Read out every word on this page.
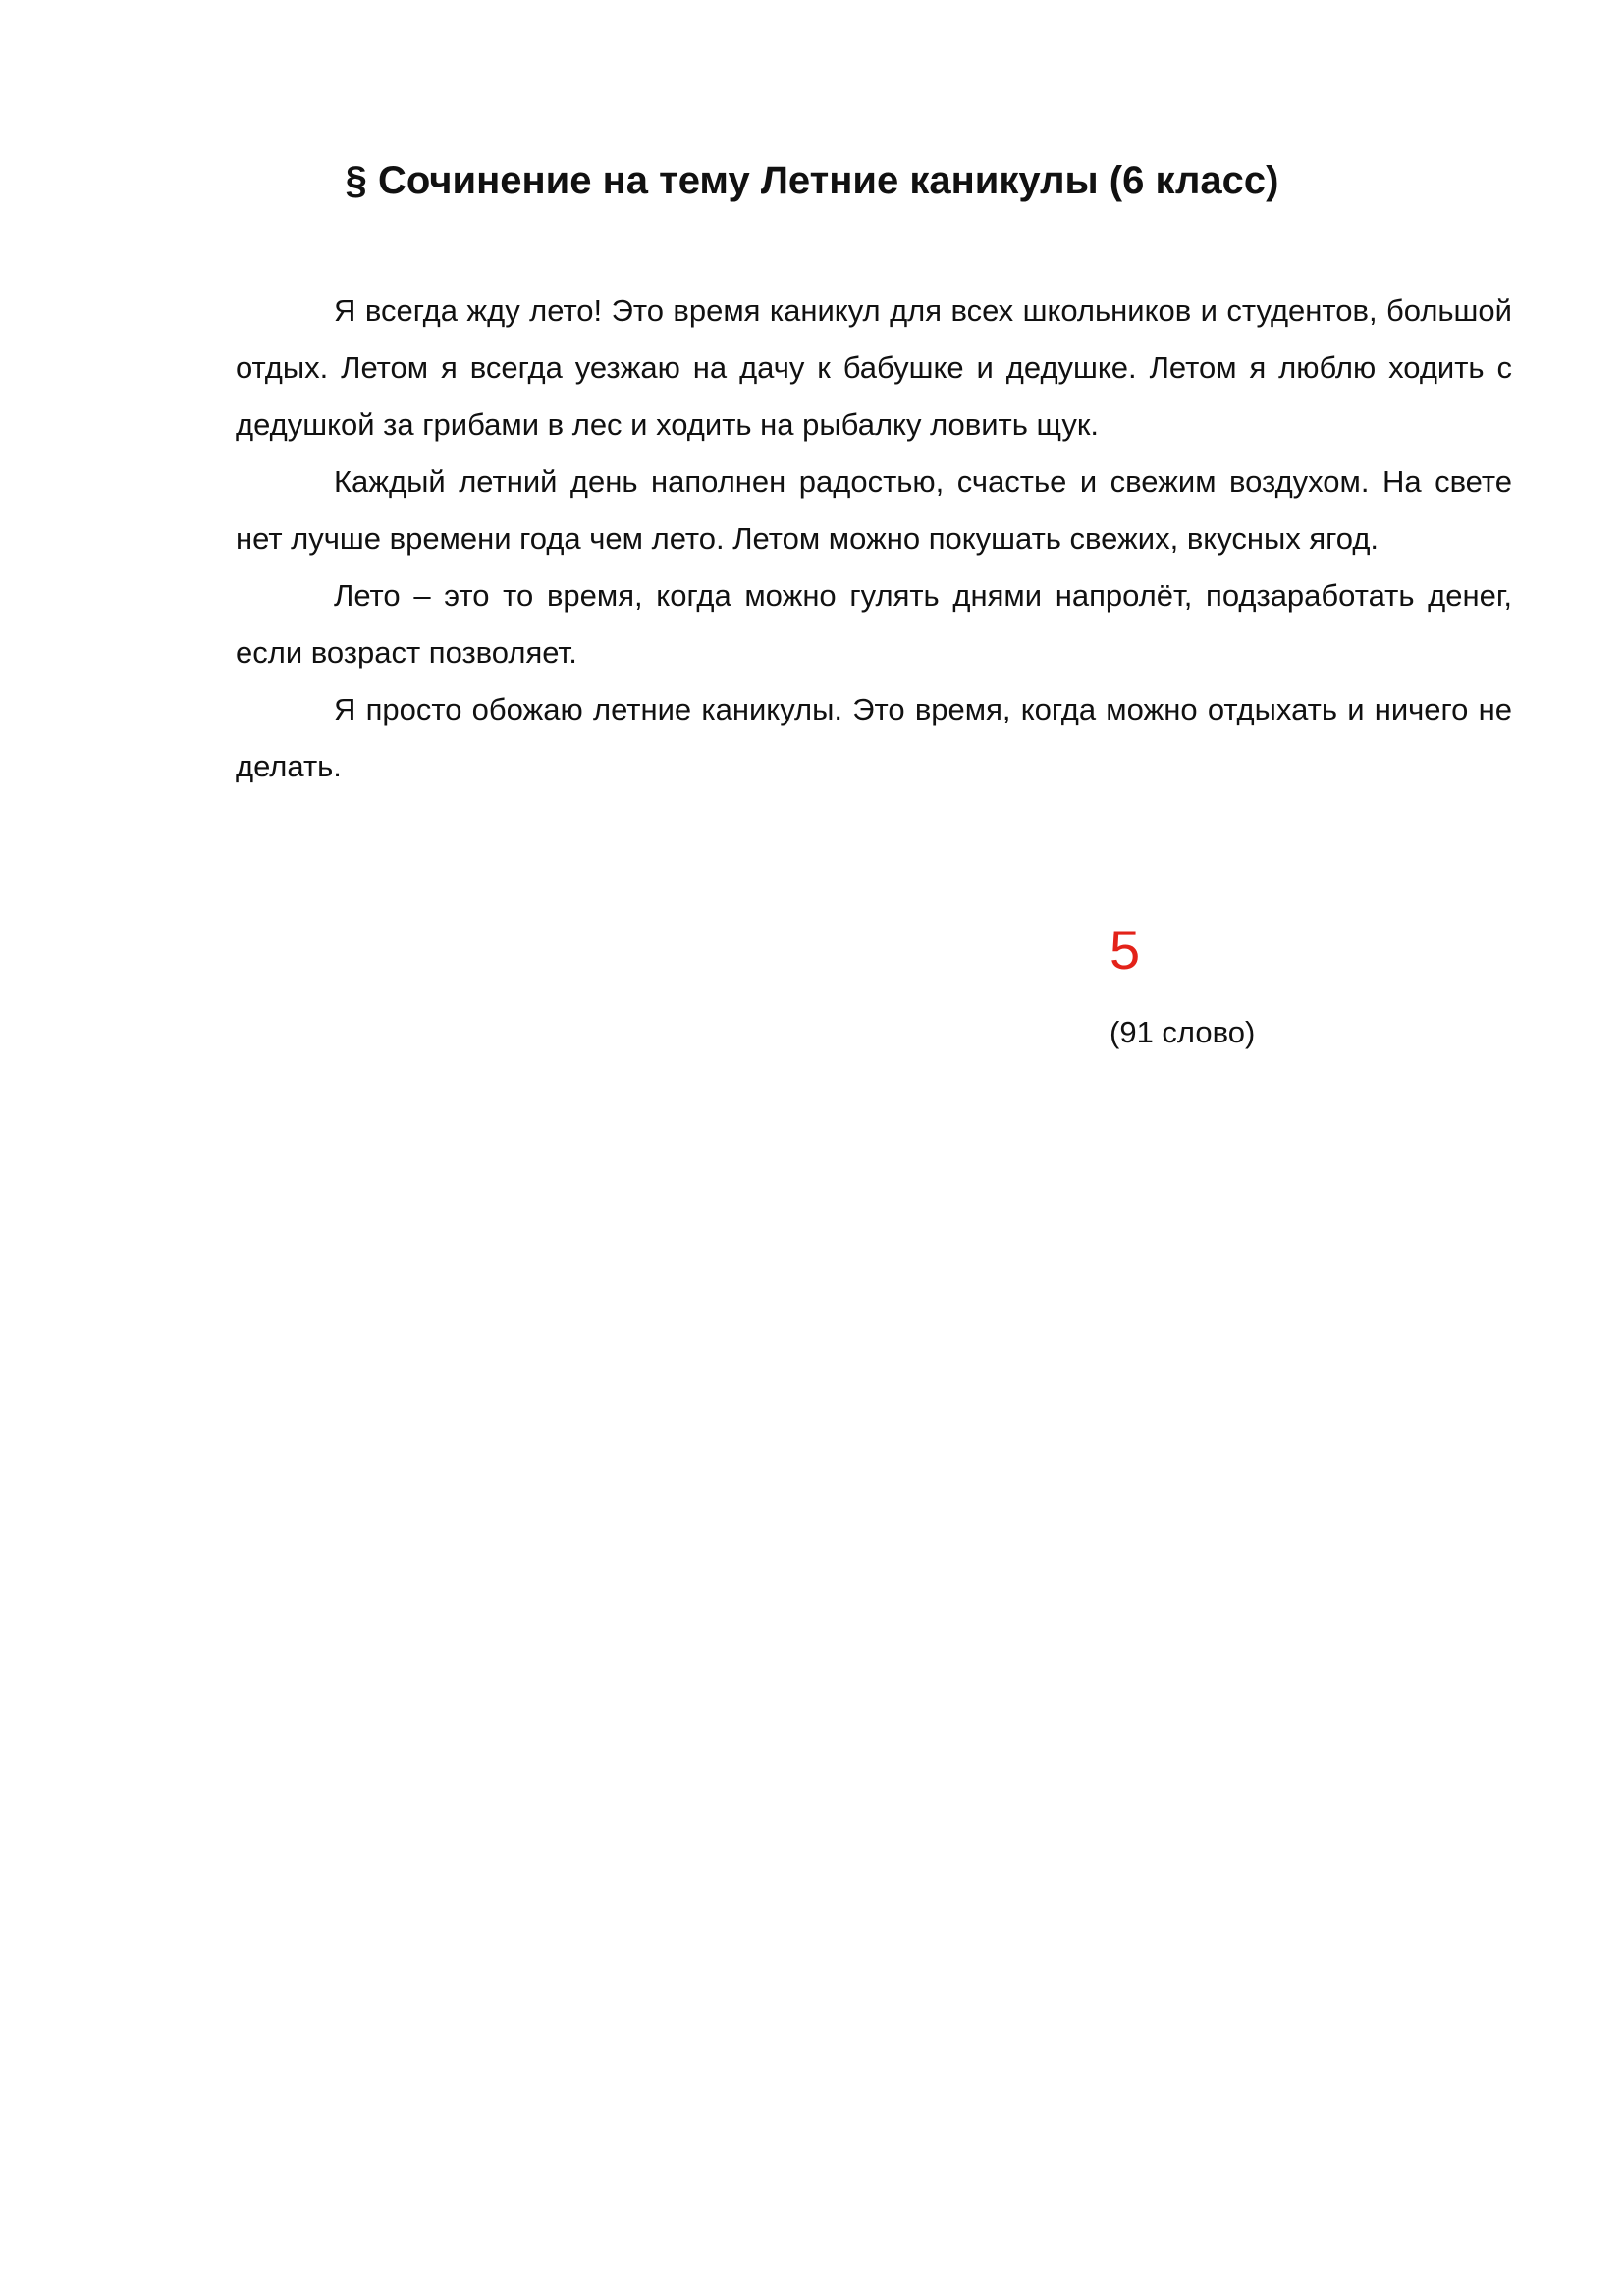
§ Сочинение на тему Летние каникулы (6 класс)

Я всегда жду лето! Это время каникул для всех школьников и студентов, большой отдых. Летом я всегда уезжаю на дачу к бабушке и дедушке. Летом я люблю ходить с дедушкой за грибами в лес и ходить на рыбалку ловить щук.

Каждый летний день наполнен радостью, счастье и свежим воздухом. На свете нет лучше времени года чем лето. Летом можно покушать свежих, вкусных ягод.

Лето – это то время, когда можно гулять днями напролёт, подзаработать денег, если возраст позволяет.

Я просто обожаю летние каникулы. Это время, когда можно отдыхать и ничего не делать.

5
(91 слово)
